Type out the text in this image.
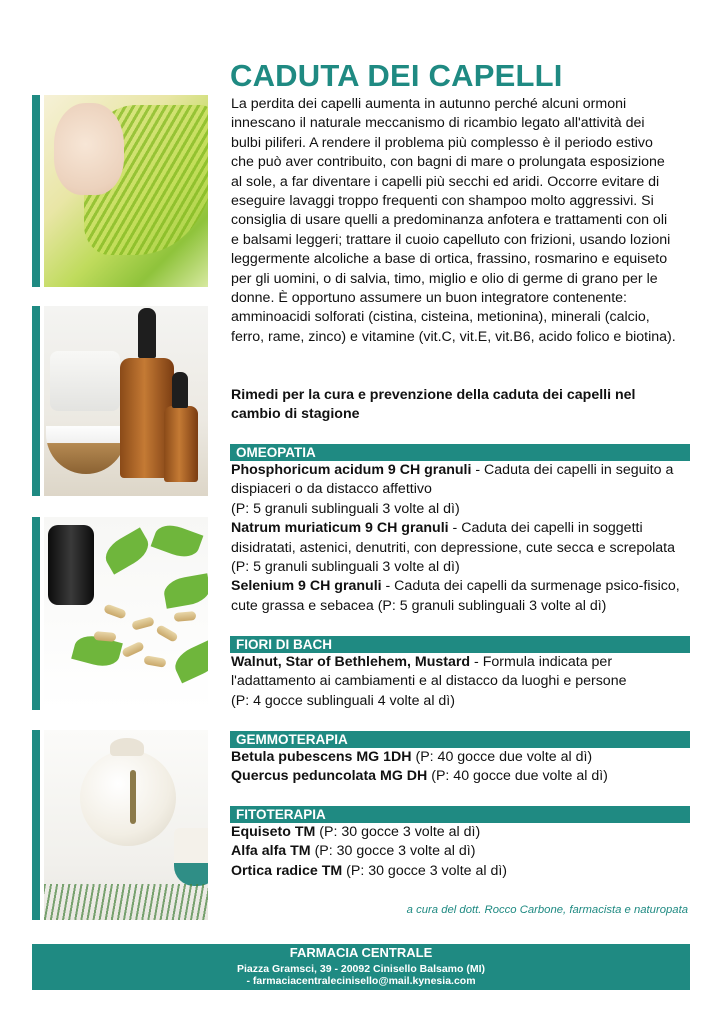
CADUTA DEI CAPELLI

La perdita dei capelli aumenta in autunno perché alcuni ormoni innescano il naturale meccanismo di ricambio legato all'attività dei bulbi piliferi. A rendere il problema più complesso è il periodo estivo che può aver contribuito, con bagni di mare o prolungata esposizione al sole, a far diventare i capelli più secchi ed aridi. Occorre evitare di eseguire lavaggi troppo frequenti con shampoo molto aggressivi. Si consiglia di usare quelli a predominanza anfotera e trattamenti con oli e balsami leggeri; trattare il cuoio capelluto con frizioni, usando lozioni leggermente alcoliche a base di ortica, frassino, rosmarino e equiseto per gli uomini, o di salvia, timo, miglio e olio di germe di grano per le donne. È opportuno assumere un buon integratore contenente: amminoacidi solforati (cistina, cisteina, metionina), minerali (calcio, ferro, rame, zinco) e vitamine (vit.C, vit.E, vit.B6, acido folico e biotina).

Rimedi per la cura e prevenzione della caduta dei capelli nel cambio di stagione

OMEOPATIA

Phosphoricum acidum 9 CH granuli - Caduta dei capelli in seguito a dispiaceri o da distacco affettivo

(P: 5 granuli sublinguali 3 volte al dì)

Natrum muriaticum 9 CH granuli - Caduta dei capelli in soggetti disidratati, astenici, denutriti, con depressione, cute secca e screpolata

(P: 5 granuli sublinguali 3 volte al dì)

Selenium 9 CH granuli - Caduta dei capelli da surmenage psico-fisico, cute grassa e sebacea (P: 5 granuli sublinguali 3 volte al dì)

FIORI DI BACH

Walnut, Star of Bethlehem, Mustard - Formula indicata per l'adattamento ai cambiamenti e al distacco da luoghi e persone

(P: 4 gocce sublinguali 4 volte al dì)

GEMMOTERAPIA

Betula pubescens MG 1DH (P: 40 gocce due volte al dì)

Quercus peduncolata MG DH (P: 40 gocce due volte al dì)

FITOTERAPIA

Equiseto TM (P: 30 gocce 3 volte al dì)

Alfa alfa TM (P: 30 gocce 3 volte al dì)

Ortica radice TM (P: 30 gocce 3 volte al dì)

a cura del dott. Rocco Carbone, farmacista e naturopata
FARMACIA CENTRALE
Piazza Gramsci, 39 - 20092 Cinisello Balsamo (MI)
- farmaciacentralecinisello@mail.kynesia.com
